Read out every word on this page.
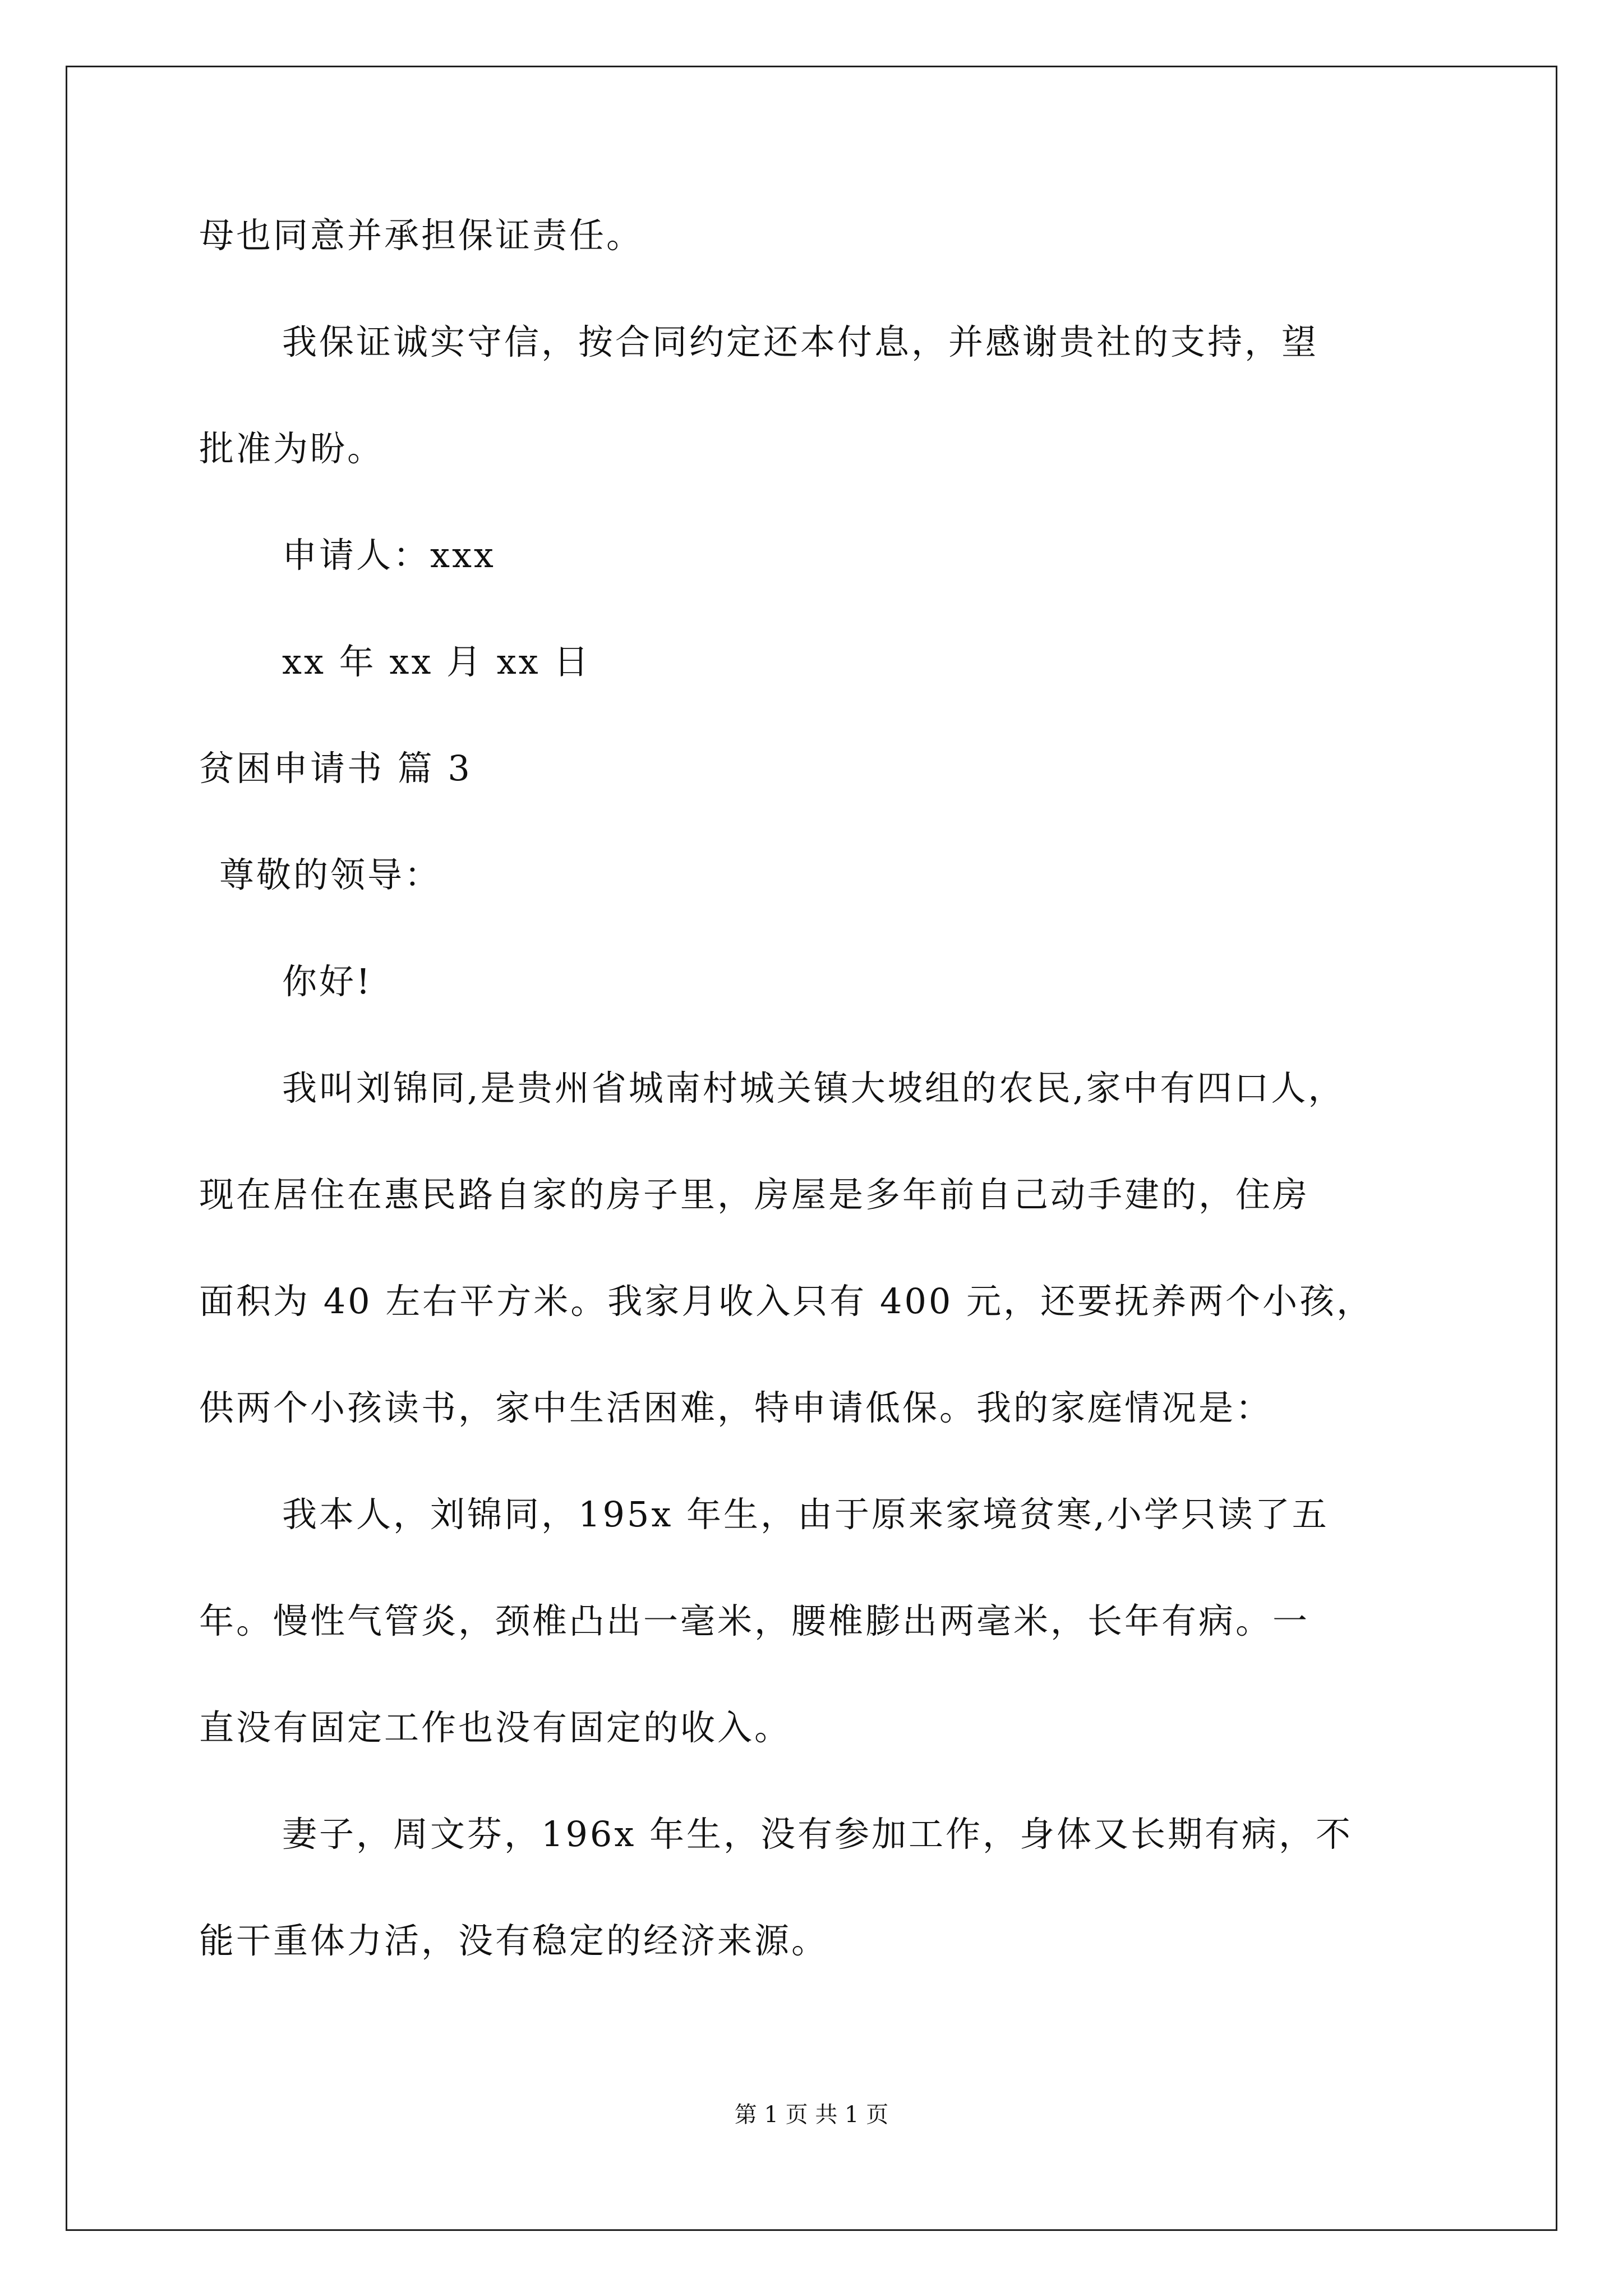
母也同意并承担保证责任。
我保证诚实守信，按合同约定还本付息，并感谢贵社的支持，望
批准为盼。
申请人：xxx
xx 年 xx 月 xx 日
贫困申请书 篇 3
尊敬的领导：
你好!
我叫刘锦同,是贵州省城南村城关镇大坡组的农民,家中有四口人，
现在居住在惠民路自家的房子里，房屋是多年前自己动手建的，住房
面积为 40 左右平方米。我家月收入只有 400 元，还要抚养两个小孩，
供两个小孩读书，家中生活困难，特申请低保。我的家庭情况是：
我本人，刘锦同，195x 年生，由于原来家境贫寒,小学只读了五
年。慢性气管炎，颈椎凸出一毫米，腰椎膨出两毫米，长年有病。一
直没有固定工作也没有固定的收入。
妻子，周文芬，196x 年生，没有参加工作，身体又长期有病，不
能干重体力活，没有稳定的经济来源。
第 1 页 共 1 页
